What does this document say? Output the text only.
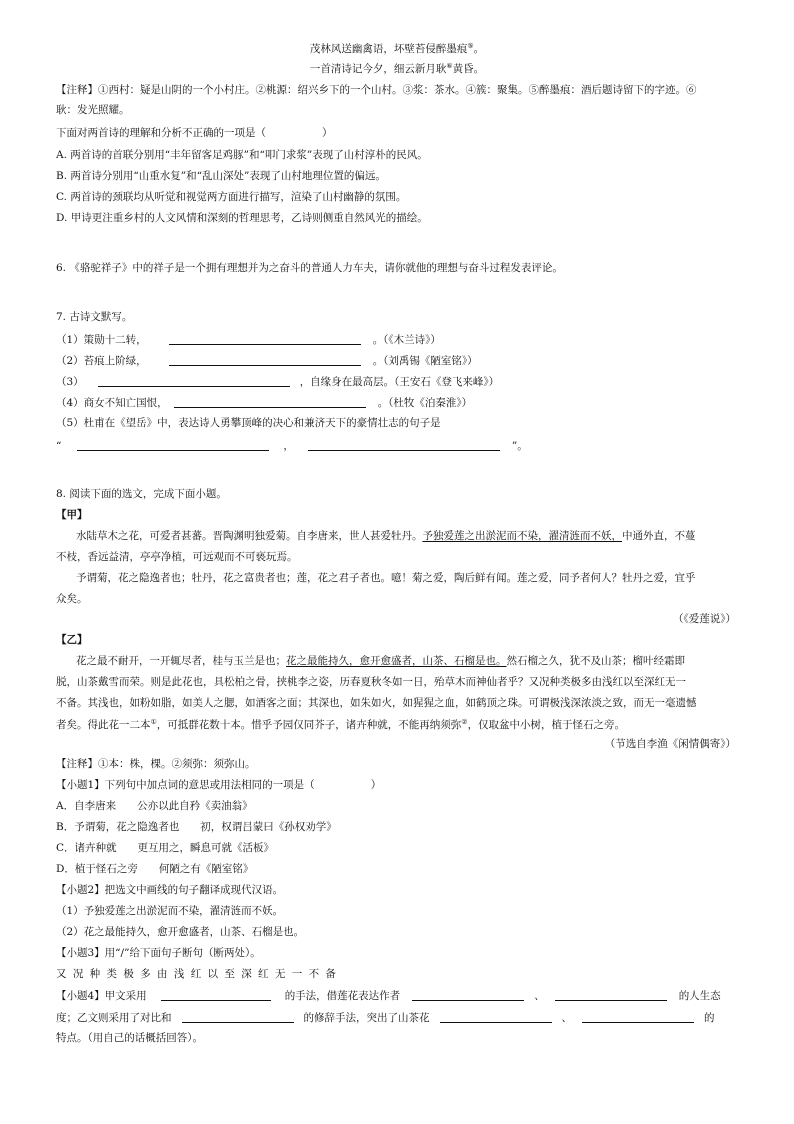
茂林风送幽禽语，坏壁苔侵醉墨痕⑤。
一首清诗记今夕，细云新月耿⑥黄昏。
【注释】①西村：疑是山阴的一个小村庄。②桃源：绍兴乡下的一个山村。③浆：茶水。④簇：聚集。⑤醉墨痕：酒后题诗留下的字迹。⑥
耿：发光照耀。
下面对两首诗的理解和分析不正确的一项是（	）
A. 两首诗的首联分别用“丰年留客足鸡豚”和“叩门求浆”表现了山村淳朴的民风。
B. 两首诗分别用“山重水复”和“乱山深处”表现了山村地理位置的偏远。
C. 两首诗的颈联均从听觉和视觉两方面进行描写，渲染了山村幽静的氛围。
D. 甲诗更注重乡村的人文风情和深刻的哲理思考，乙诗则侧重自然风光的描绘。
6. 《骆驼祥子》中的祥子是一个拥有理想并为之奋斗的普通人力车夫，请你就他的理想与奋斗过程发表评论。
7. 古诗文默写。
（1）策勋十二转，	。（《木兰诗》）
（2）苔痕上阶绿，	。（刘禹锡《陋室铭》）
（3）	，自缘身在最高层。（王安石《登飞来峰》）
（4）商女不知亡国恨，	。（杜牧《泊秦淮》）
（5）杜甫在《望岳》中，表达诗人勇攀顶峰的决心和兼济天下的豪情壮志的句子是
“	，	”。
8. 阅读下面的选文，完成下面小题。
【甲】
水陆草木之花，可爱者甚蕃。晋陶渊明独爱菊。自李唐来，世人甚爱牡丹。予独爱莲之出淤泥而不染，濯清涟而不妖，中通外直，不蔓
不枝，香远益清，亭亭净植，可远观而不可亵玩焉。
予谓菊，花之隐逸者也；牡丹，花之富贵者也；莲，花之君子者也。噫！菊之爱，陶后鲜有闻。莲之爱，同予者何人？牡丹之爱，宜乎
众矣。
（《爱莲说》）
【乙】
花之最不耐开，一开辄尽者，桂与玉兰是也；花之最能持久，愈开愈盛者，山茶、石榴是也。然石榴之久，犹不及山茶；榴叶经霜即
脱，山茶戴雪而荣。则是此花也，具松柏之骨，挟桃李之姿，历春夏秋冬如一日，殆草木而神仙者乎？又况种类极多由浅红以至深红无一
不备。其浅也，如粉如脂，如美人之腮，如酒客之面；其深也，如朱如火，如猩猩之血，如鹤顶之珠。可谓极浅深浓淡之致，而无一毫遗憾
者矣。得此花一二本①，可抵群花数十本。惜乎予园仅同芥子，诸卉种就，不能再纳须弥②，仅取盆中小树，植于怪石之旁。
（节选自李渔《闲情偶寄》）
【注释】①本：株，棵。②须弥：须弥山。
【小题1】下列句中加点词的意思或用法相同的一项是（	）
A．自李唐来　　公亦以此自矜《卖油翁》
B．予谓菊，花之隐逸者也　　初，权谓吕蒙曰《孙权劝学》
C．诸卉种就　　更互用之，瞬息可就《活板》
D．植于怪石之旁　　何陋之有《陋室铭》
【小题2】把选文中画线的句子翻译成现代汉语。
（1）予独爱莲之出淤泥而不染，濯清涟而不妖。
（2）花之最能持久，愈开愈盛者，山茶、石榴是也。
【小题3】用“/”给下面句子断句（断两处）。
又 况 种 类 极 多 由 浅 红 以 至 深 红 无 一 不 备
【小题4】甲文采用	的手法，借莲花表达作者	、	的人生态
度；乙文则采用了对比和	的修辞手法，突出了山茶花	、	的
特点。（用自己的话概括回答）。
